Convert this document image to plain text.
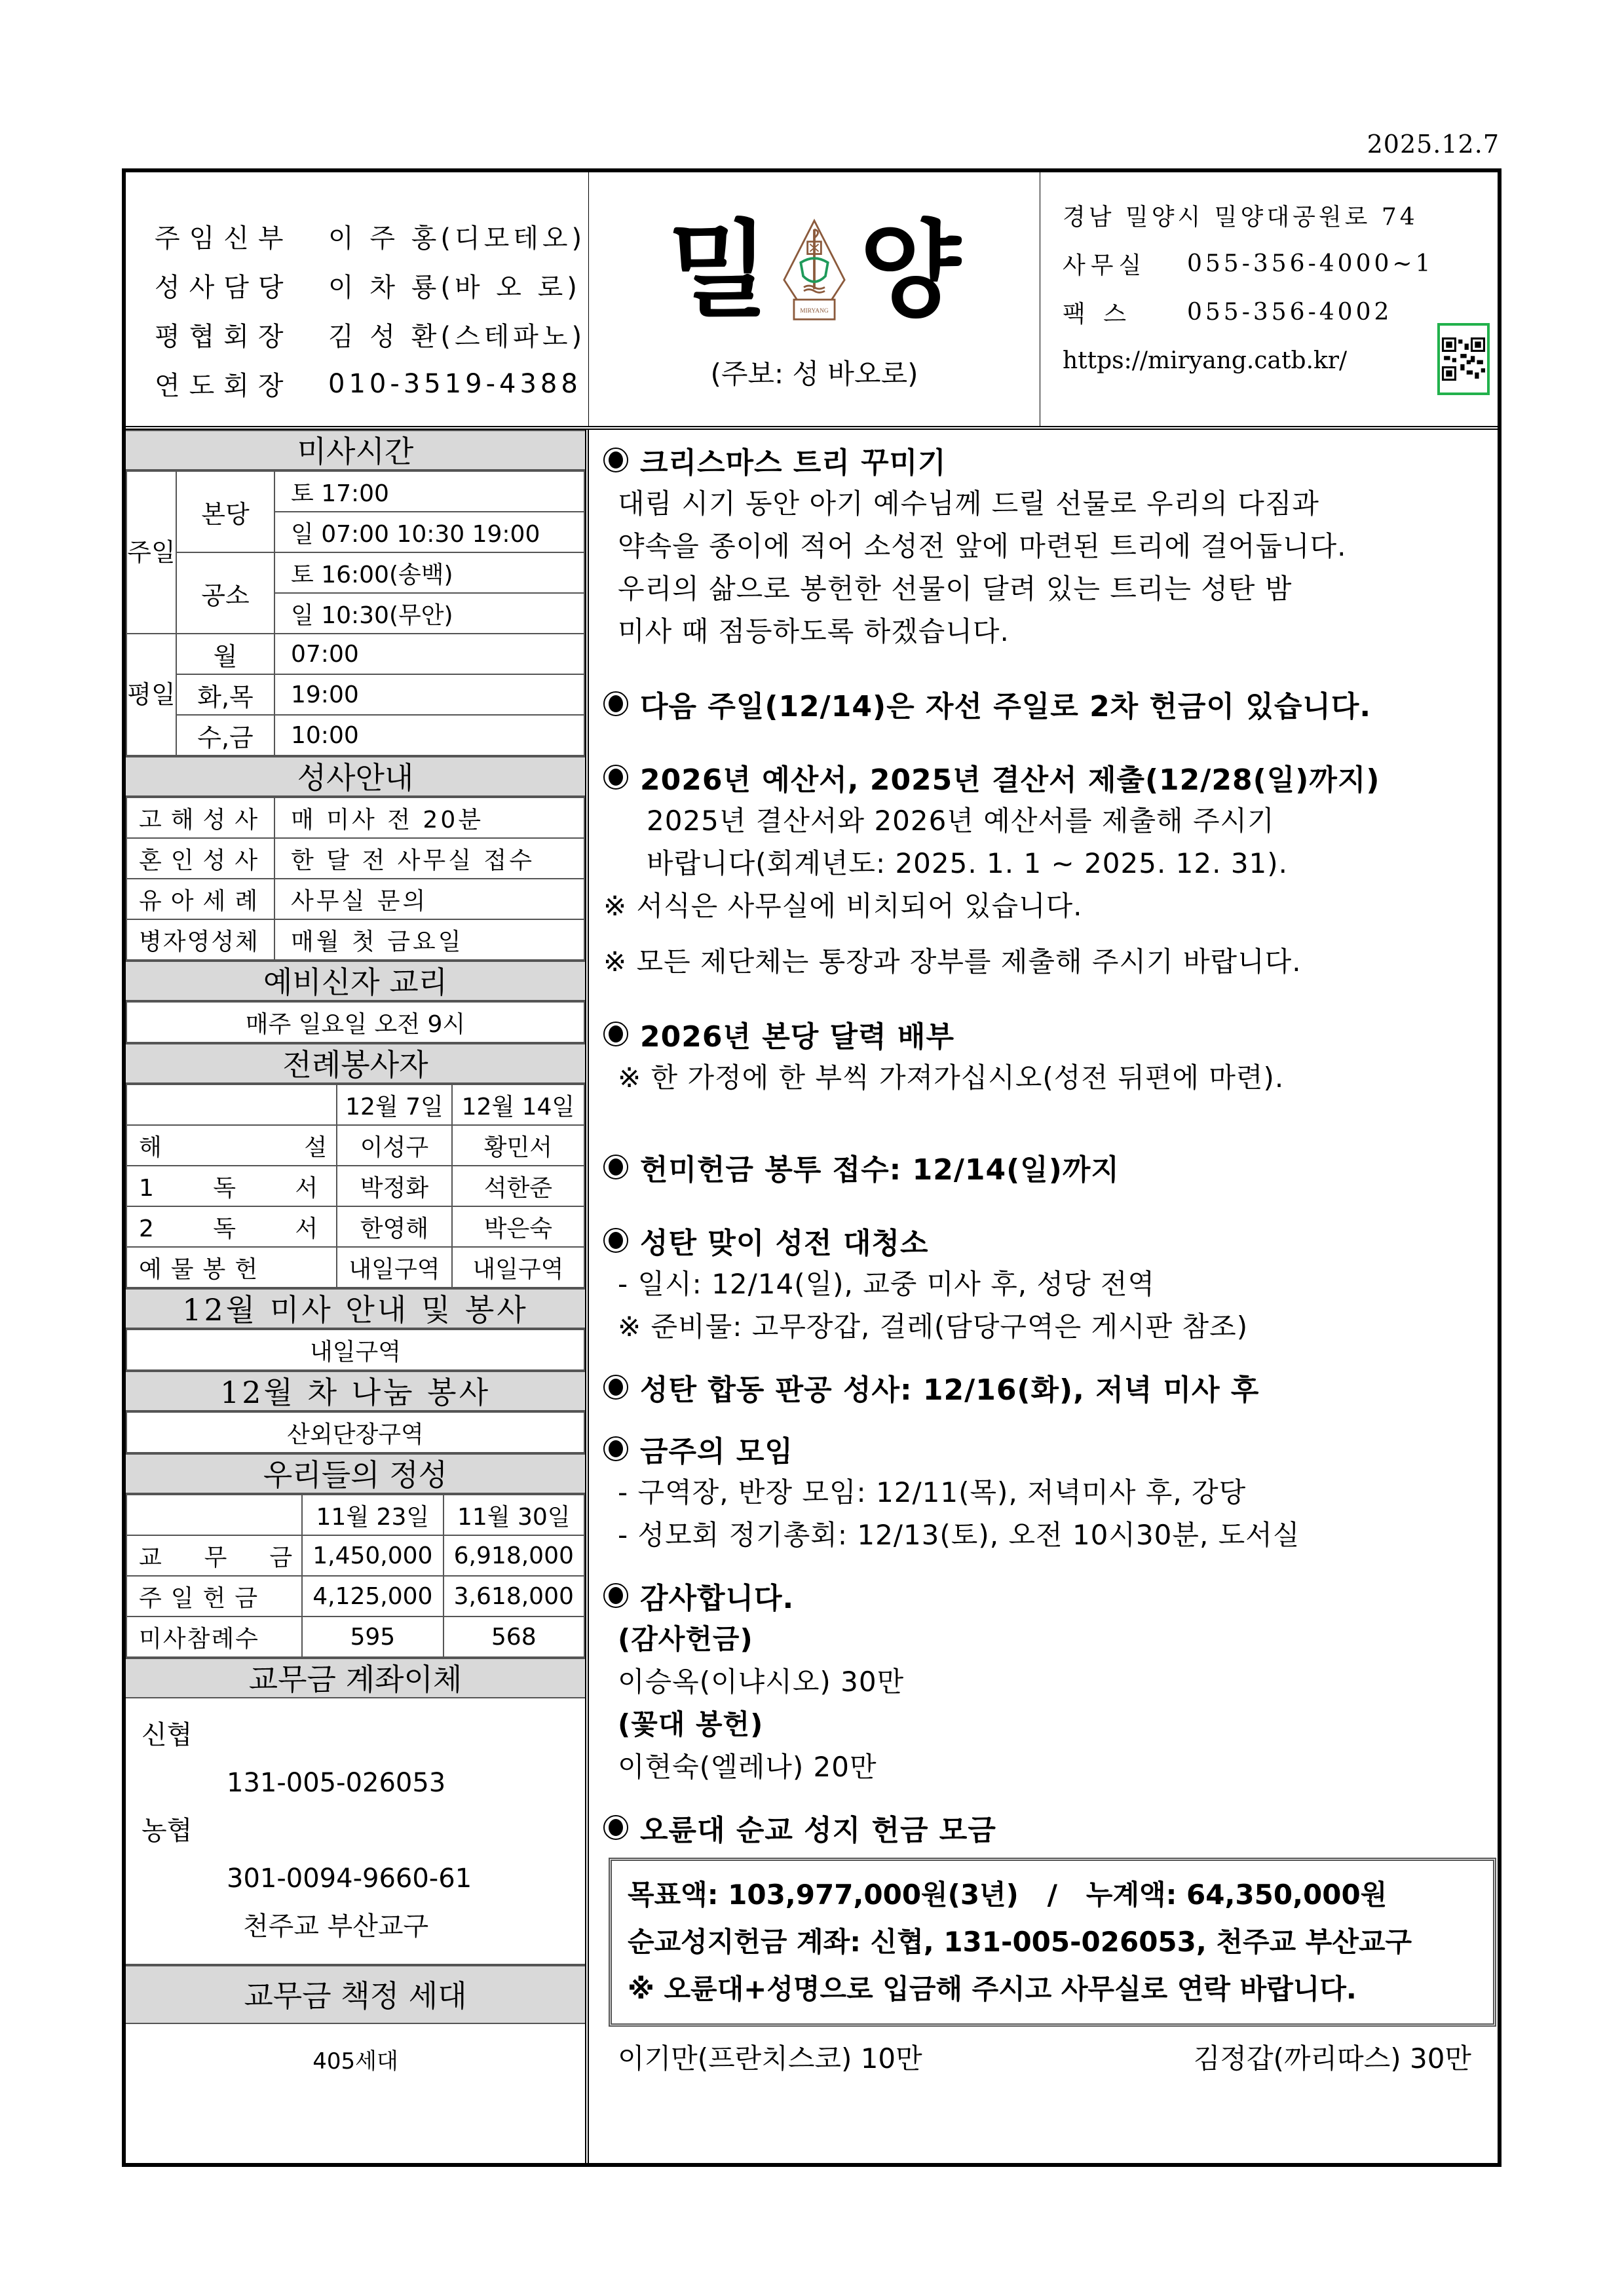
2025.12.7
주임신부	이 주 홍(디모테오)
성사담당	이 차 룡(바 오 로)
평협회장	김 성 환(스테파노)
연도회장	010-3519-4388
밀	MIRYANG 양
(주보: 성 바오로)
경남 밀양시 밀양대공원로 74
사무실	055-356-4000~1
팩 스	055-356-4002
https://miryang.catb.kr/
미사시간
주일	본당	토 17:00
		일 07:00 10:30 19:00
	공소	토 16:00(송백)
		일 10:30(무안)
평일	월	07:00
	화,목	19:00
	수,금	10:00
성사안내
고해성사	매 미사 전 20분
혼인성사	한 달 전 사무실 접수
유아세례	사무실 문의
병자영성체	매월 첫 금요일
예비신자 교리
매주 일요일 오전 9시
전례봉사자
	12월 7일	12월 14일
해        설	이성구	황민서
1   독   서	박정화	석한준
2   독   서	한영해	박은숙
예물봉헌	내일구역	내일구역
12월 미사 안내 및 봉사
내일구역
12월 차 나눔 봉사
산외단장구역
우리들의 정성
	11월 23일	11월 30일
교  무  금	1,450,000	6,918,000
주일헌금	4,125,000	3,618,000
미사참례수	595	568
교무금 계좌이체
신협
131-005-026053
농협
301-0094-9660-61
천주교 부산교구
교무금 책정 세대
405세대
크리스마스 트리 꾸미기
대림 시기 동안 아기 예수님께 드릴 선물로 우리의 다짐과
약속을 종이에 적어 소성전 앞에 마련된 트리에 걸어둡니다.
우리의 삶으로 봉헌한 선물이 달려 있는 트리는 성탄 밤
미사 때 점등하도록 하겠습니다.
다음 주일(12/14)은 자선 주일로 2차 헌금이 있습니다.
2026년 예산서, 2025년 결산서 제출(12/28(일)까지)
2025년 결산서와 2026년 예산서를 제출해 주시기
바랍니다(회계년도: 2025. 1. 1 ~ 2025. 12. 31).
※ 서식은 사무실에 비치되어 있습니다.
※ 모든 제단체는 통장과 장부를 제출해 주시기 바랍니다.
2026년 본당 달력 배부
※ 한 가정에 한 부씩 가져가십시오(성전 뒤편에 마련).
헌미헌금 봉투 접수: 12/14(일)까지
성탄 맞이 성전 대청소
- 일시: 12/14(일), 교중 미사 후, 성당 전역
※ 준비물: 고무장갑, 걸레(담당구역은 게시판 참조)
성탄 합동 판공 성사: 12/16(화), 저녁 미사 후
금주의 모임
- 구역장, 반장 모임: 12/11(목), 저녁미사 후, 강당
- 성모회 정기총회: 12/13(토), 오전 10시30분, 도서실
감사합니다.
(감사헌금)
이승옥(이냐시오) 30만
(꽃대 봉헌)
이현숙(엘레나) 20만
오륜대 순교 성지 헌금 모금
목표액: 103,977,000원(3년)   /   누계액: 64,350,000원
순교성지헌금 계좌: 신협, 131-005-026053, 천주교 부산교구
※ 오륜대+성명으로 입금해 주시고 사무실로 연락 바랍니다.
이기만(프란치스코) 10만	김정갑(까리따스) 30만
